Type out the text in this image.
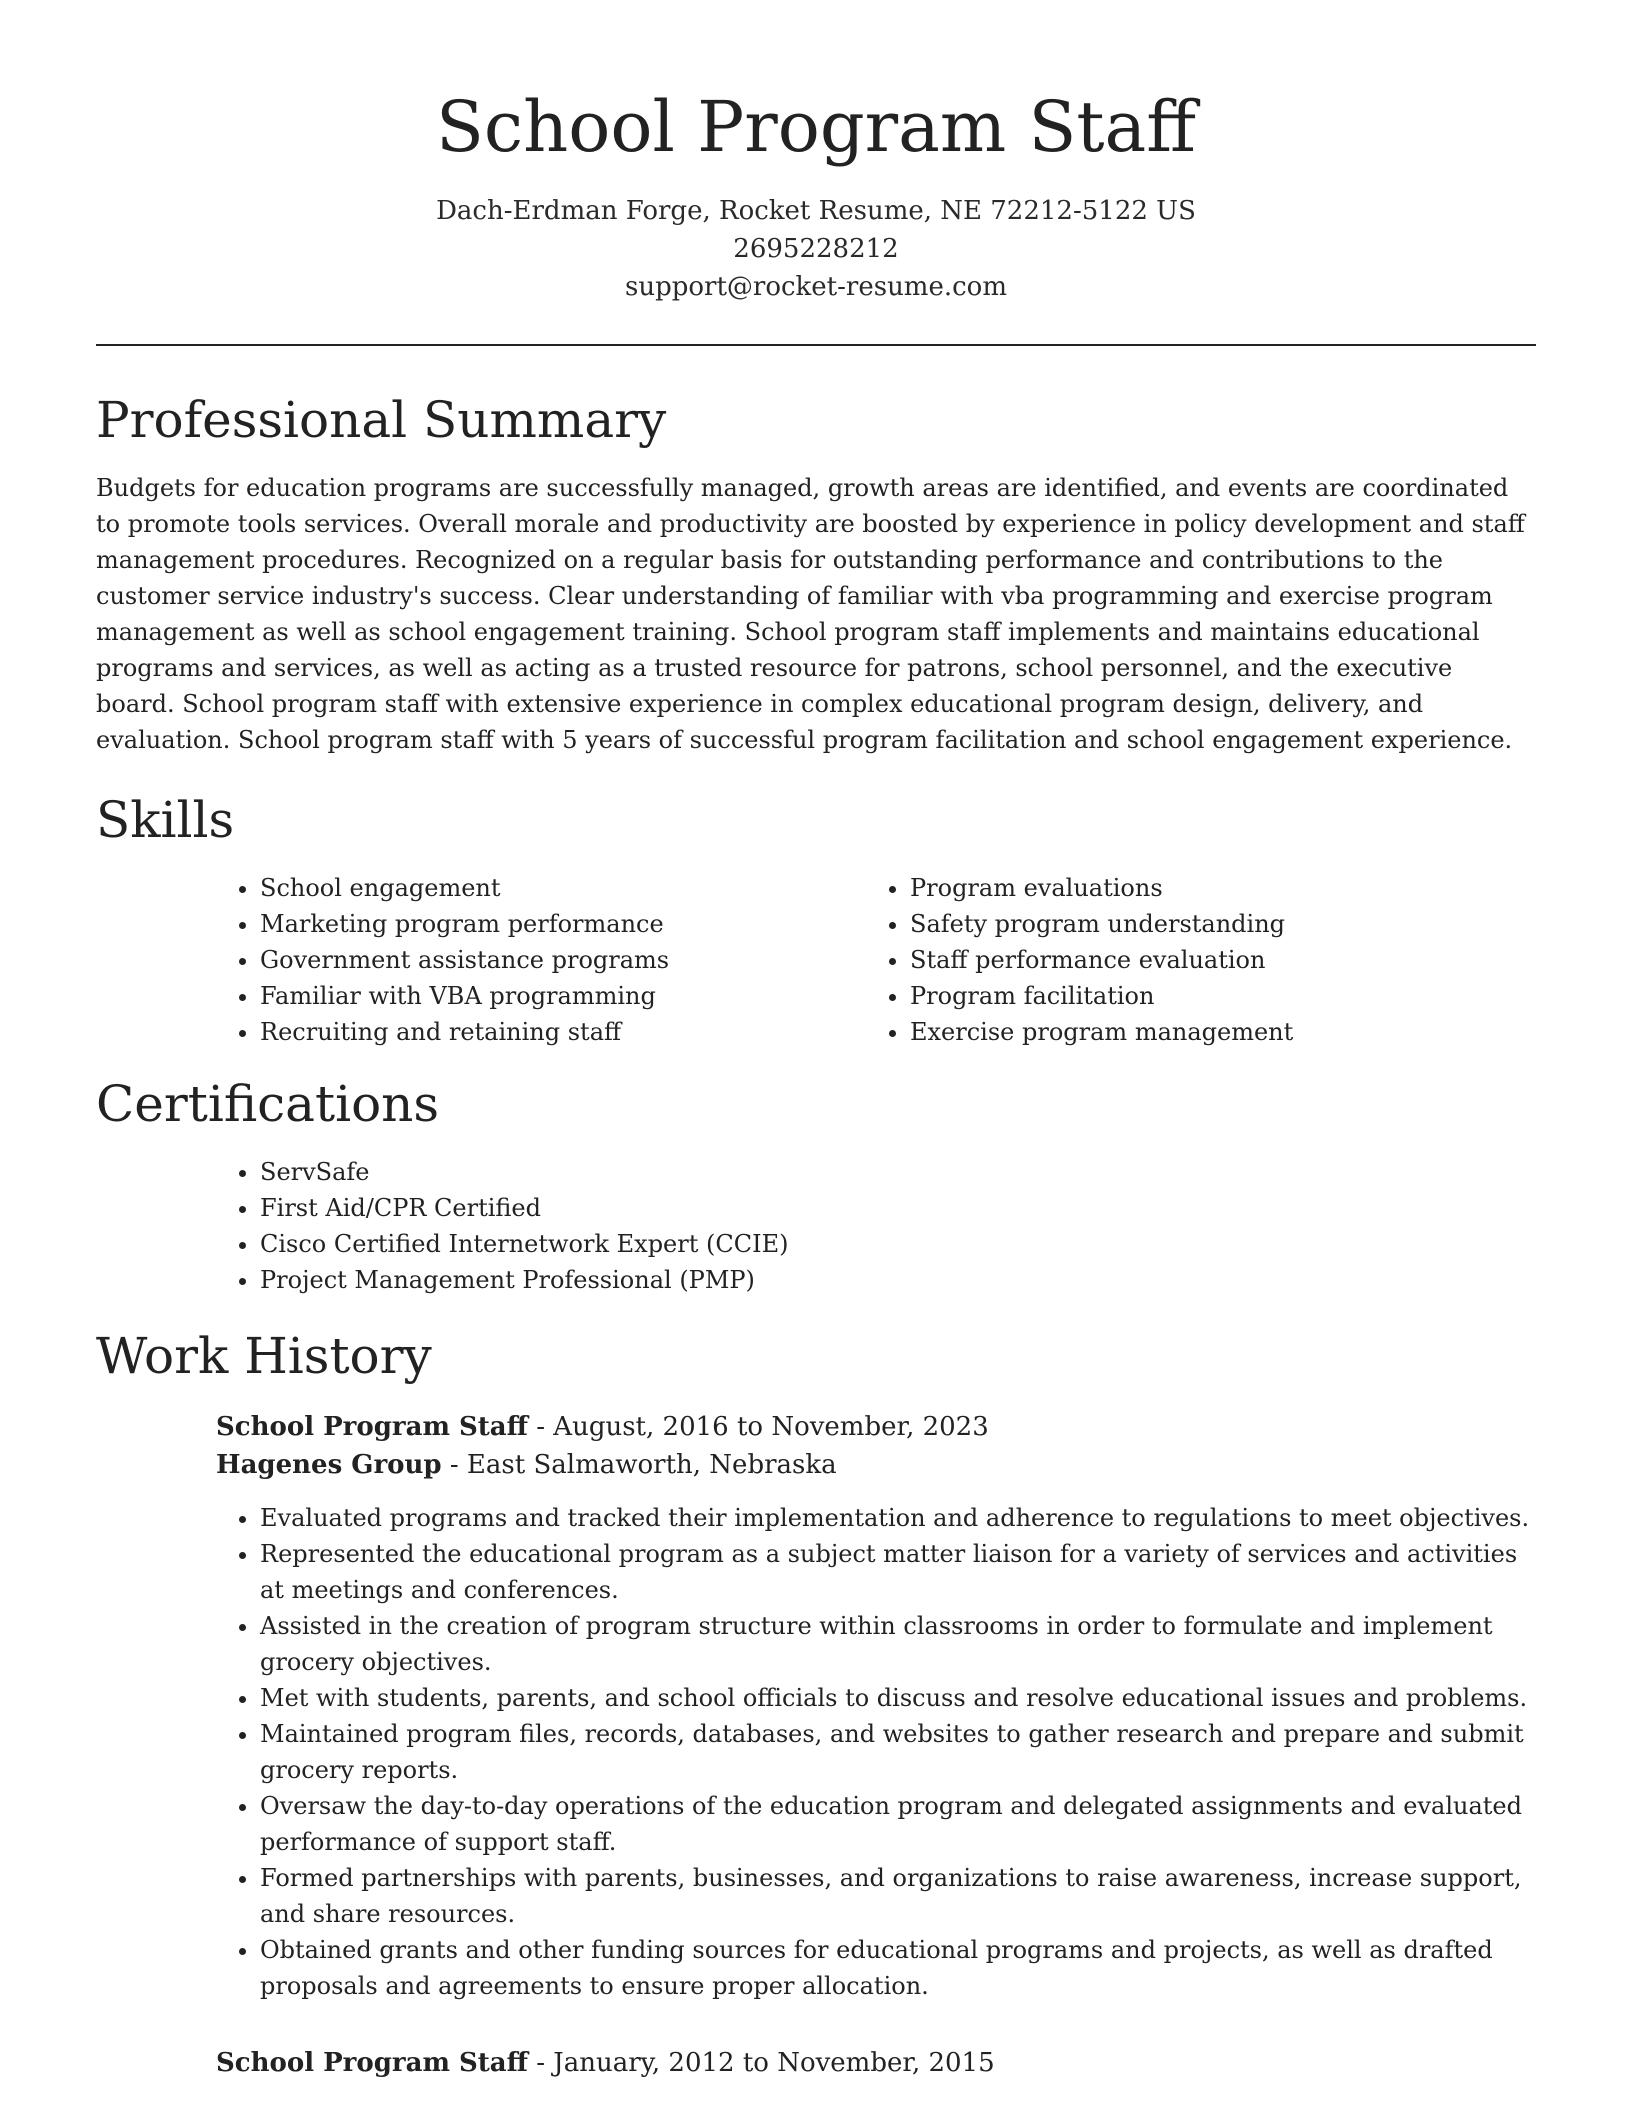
School Program Staff
Dach-Erdman Forge, Rocket Resume, NE 72212-5122 US
2695228212
support@rocket-resume.com
Professional Summary

Budgets for education programs are successfully managed, growth areas are identified, and events are coordinated to promote tools services. Overall morale and productivity are boosted by experience in policy development and staff management procedures. Recognized on a regular basis for outstanding performance and contributions to the customer service industry's success. Clear understanding of familiar with vba programming and exercise program management as well as school engagement training. School program staff implements and maintains educational programs and services, as well as acting as a trusted resource for patrons, school personnel, and the executive board. School program staff with extensive experience in complex educational program design, delivery, and evaluation. School program staff with 5 years of successful program facilitation and school engagement experience.

Skills
• School engagement
• Marketing program performance
• Government assistance programs
• Familiar with VBA programming
• Recruiting and retaining staff
• Program evaluations
• Safety program understanding
• Staff performance evaluation
• Program facilitation
• Exercise program management
Certifications
• ServSafe
• First Aid/CPR Certified
• Cisco Certified Internetwork Expert (CCIE)
• Project Management Professional (PMP)
Work History
School Program Staff - August, 2016 to November, 2023
Hagenes Group - East Salmaworth, Nebraska
• Evaluated programs and tracked their implementation and adherence to regulations to meet objectives.
• Represented the educational program as a subject matter liaison for a variety of services and activities at meetings and conferences.
• Assisted in the creation of program structure within classrooms in order to formulate and implement grocery objectives.
• Met with students, parents, and school officials to discuss and resolve educational issues and problems.
• Maintained program files, records, databases, and websites to gather research and prepare and submit grocery reports.
• Oversaw the day-to-day operations of the education program and delegated assignments and evaluated performance of support staff.
• Formed partnerships with parents, businesses, and organizations to raise awareness, increase support, and share resources.
• Obtained grants and other funding sources for educational programs and projects, as well as drafted proposals and agreements to ensure proper allocation.
School Program Staff - January, 2012 to November, 2015
